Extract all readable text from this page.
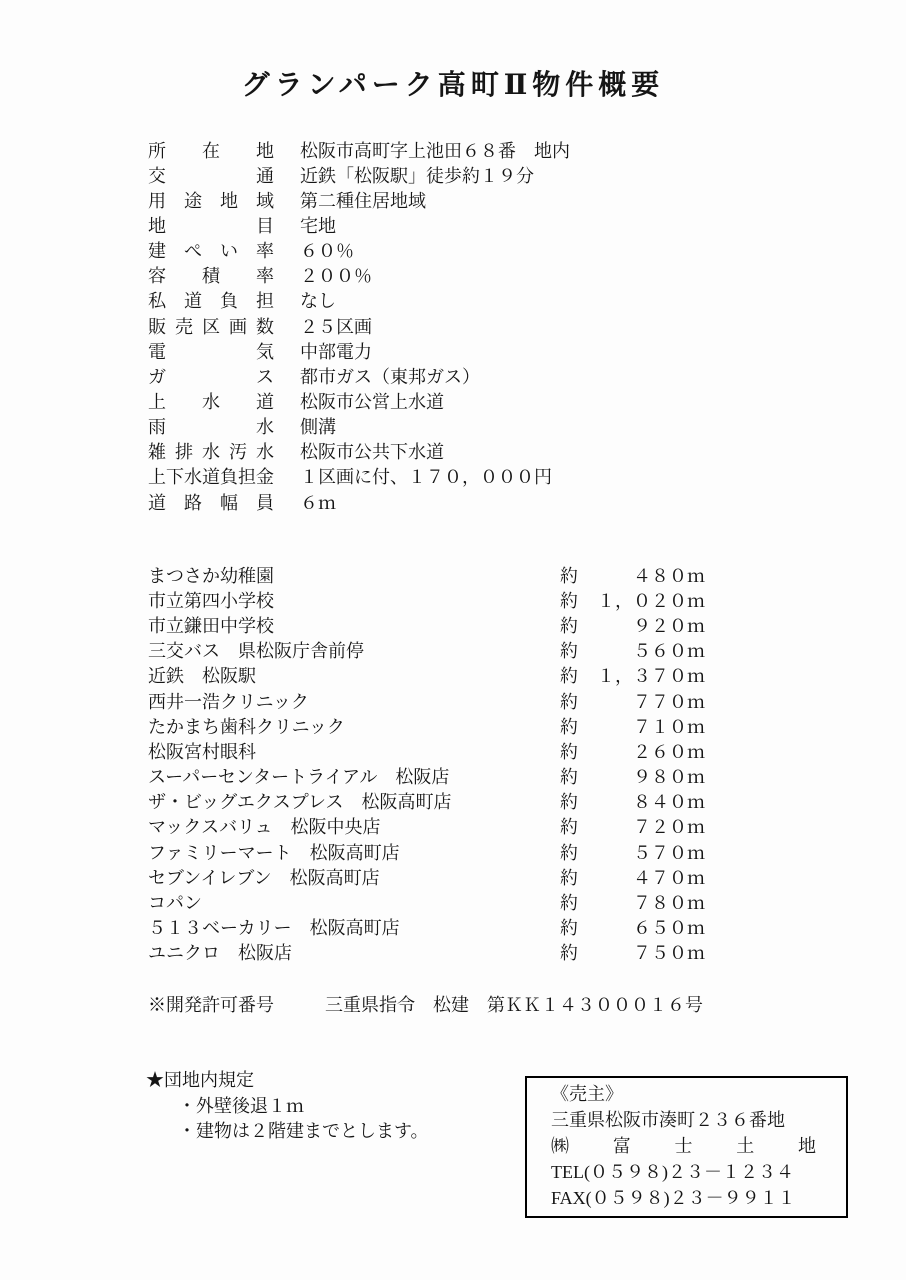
グランパーク高町Ⅱ物件概要
所 在 地 松阪市高町字上池田６８番　地内
交 通 近鉄「松阪駅」徒歩約１９分
用 途 地 域 第二種住居地域
地 目 宅地
建 ぺ い 率 ６０％
容 積 率 ２００％
私 道 負 担 なし
販 売 区 画 数 ２５区画
電 気 中部電力
ガ ス 都市ガス（東邦ガス）
上 水 道 松阪市公営上水道
雨 水 側溝
雑 排 水 汚 水 松阪市公共下水道
上下水道負担金 １区画に付、１７０，０００円
道 路 幅 員 ６ｍ
まつさか幼稚園	約	４８０ｍ
市立第四小学校	約	１，０２０ｍ
市立鎌田中学校	約	９２０ｍ
三交バス　県松阪庁舎前停	約	５６０ｍ
近鉄　松阪駅	約	１，３７０ｍ
西井一浩クリニック	約	７７０ｍ
たかまち歯科クリニック	約	７１０ｍ
松阪宮村眼科	約	２６０ｍ
スーパーセンタートライアル　松阪店	約	９８０ｍ
ザ・ビッグエクスプレス　松阪高町店	約	８４０ｍ
マックスバリュ　松阪中央店	約	７２０ｍ
ファミリーマート　松阪高町店	約	５７０ｍ
セブンイレブン　松阪高町店	約	４７０ｍ
コパン	約	７８０ｍ
５１３ベーカリー　松阪高町店	約	６５０ｍ
ユニクロ　松阪店	約	７５０ｍ
※開発許可番号	三重県指令　松建　第ＫＫ１４３０００１６号
★団地内規定
・外壁後退１ｍ
・建物は２階建までとします。
《売主》
三重県松阪市湊町２３６番地
㈱ 富 士 土 地
TEL(０５９８)２３－１２３４
FAX(０５９８)２３－９９１１
